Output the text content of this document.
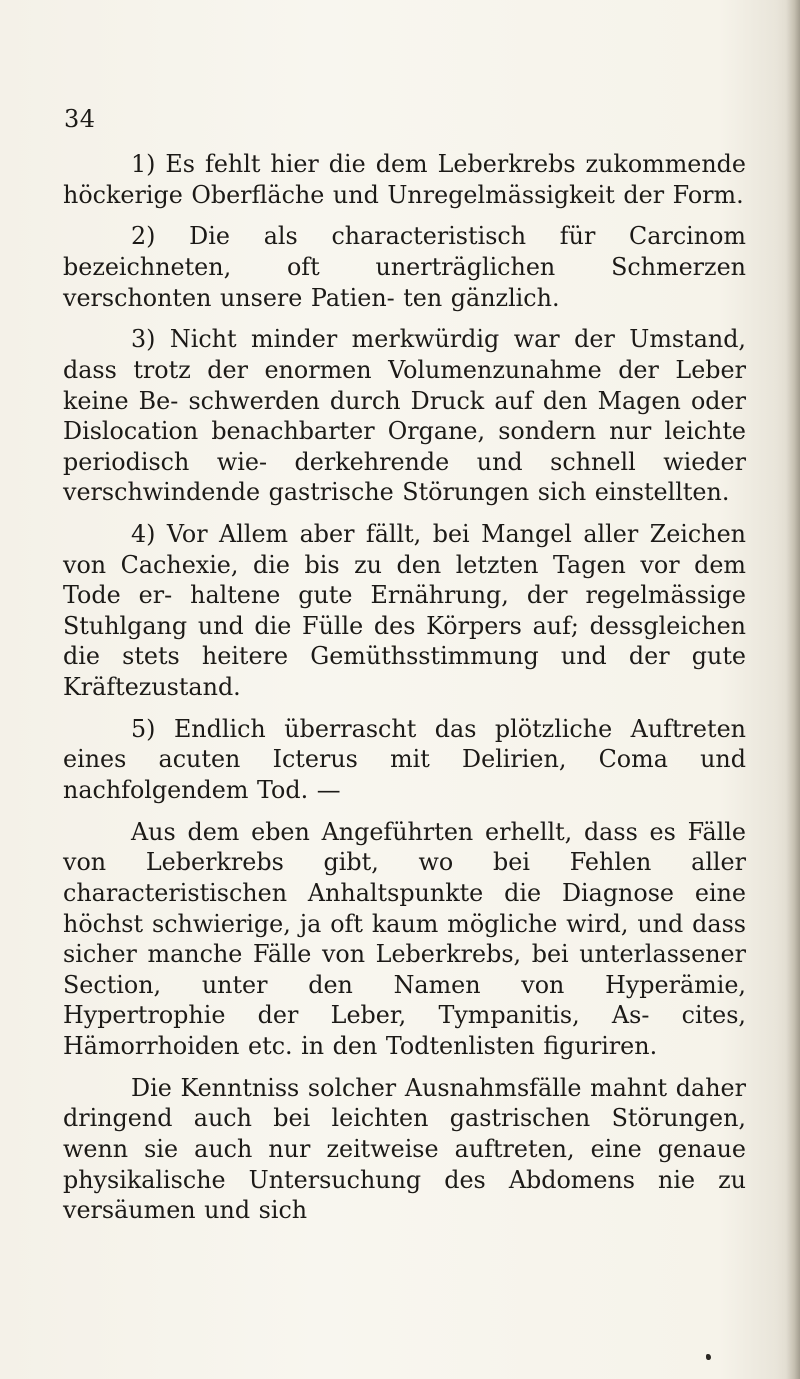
34

1) Es fehlt hier die dem Leberkrebs zukommende höckerige Oberfläche und Unregelmässigkeit der Form.

2) Die als characteristisch für Carcinom bezeichneten, oft unerträglichen Schmerzen verschonten unsere Patien- ten gänzlich.

3) Nicht minder merkwürdig war der Umstand, dass trotz der enormen Volumenzunahme der Leber keine Be- schwerden durch Druck auf den Magen oder Dislocation benachbarter Organe, sondern nur leichte periodisch wie- derkehrende und schnell wieder verschwindende gastrische Störungen sich einstellten.

4) Vor Allem aber fällt, bei Mangel aller Zeichen von Cachexie, die bis zu den letzten Tagen vor dem Tode er- haltene gute Ernährung, der regelmässige Stuhlgang und die Fülle des Körpers auf; dessgleichen die stets heitere Gemüthsstimmung und der gute Kräftezustand.

5) Endlich überrascht das plötzliche Auftreten eines acuten Icterus mit Delirien, Coma und nachfolgendem Tod. —

Aus dem eben Angeführten erhellt, dass es Fälle von Leberkrebs gibt, wo bei Fehlen aller characteristischen Anhaltspunkte die Diagnose eine höchst schwierige, ja oft kaum mögliche wird, und dass sicher manche Fälle von Leberkrebs, bei unterlassener Section, unter den Namen von Hyperämie, Hypertrophie der Leber, Tympanitis, As- cites, Hämorrhoiden etc. in den Todtenlisten figuriren.

Die Kenntniss solcher Ausnahmsfälle mahnt daher dringend auch bei leichten gastrischen Störungen, wenn sie auch nur zeitweise auftreten, eine genaue physikalische Untersuchung des Abdomens nie zu versäumen und sich
